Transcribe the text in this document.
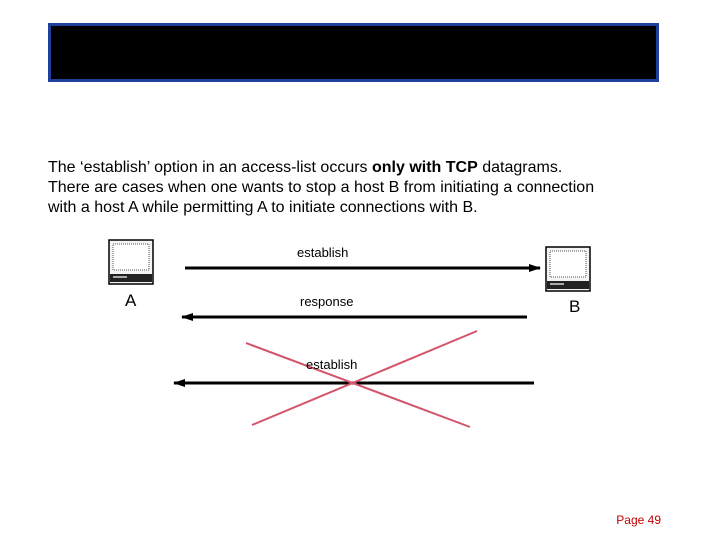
The ‘establish’ option in an access-list occurs only with TCP datagrams.
There are cases when one wants to stop a host B from initiating a connection
with a host A while permitting A to initiate connections with B.
establish
response
establish
A	B
Page 49
